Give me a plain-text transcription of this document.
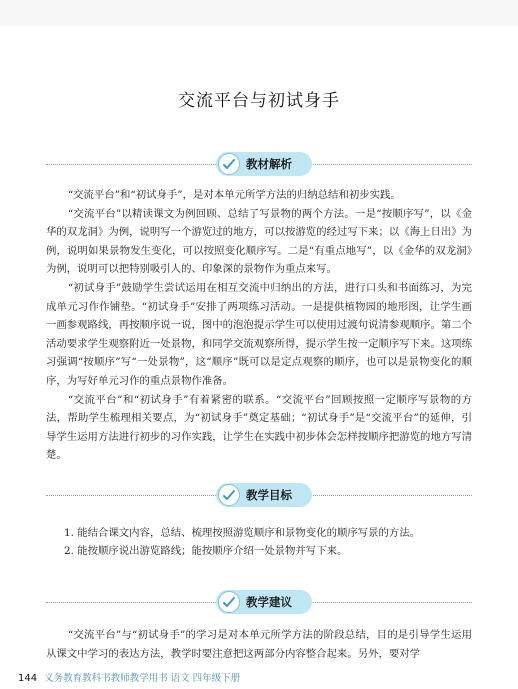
交流平台与初试身手
教材解析

“交流平台”和“初试身手”，是对本单元所学方法的归纳总结和初步实践。

“交流平台”以精读课文为例回顾、总结了写景物的两个方法。一是“按顺序写”，以《金华的双龙洞》为例，说明写一个游览过的地方，可以按游览的经过写下来；以《海上日出》为例，说明如果景物发生变化，可以按照变化顺序写。二是“有重点地写”，以《金华的双龙洞》为例，说明可以把特别吸引人的、印象深的景物作为重点来写。

“初试身手”鼓励学生尝试运用在相互交流中归纳出的方法，进行口头和书面练习，为完成单元习作作铺垫。“初试身手”安排了两项练习活动。一是提供植物园的地形图，让学生画一画参观路线，再按顺序说一说，图中的泡泡提示学生可以使用过渡句说清参观顺序。第二个活动要求学生观察附近一处景物，和同学交流观察所得，提示学生按一定顺序写下来。这项练习强调“按顺序”写“一处景物”，这“顺序”既可以是定点观察的顺序，也可以是景物变化的顺序，为写好单元习作的重点景物作准备。

“交流平台”和“初试身手”有着紧密的联系。“交流平台”回顾按照一定顺序写景物的方法，帮助学生梳理相关要点，为“初试身手”奠定基础；“初试身手”是“交流平台”的延伸，引导学生运用方法进行初步的习作实践，让学生在实践中初步体会怎样按顺序把游览的地方写清楚。

教学目标
1. 能结合课文内容，总结、梳理按照游览顺序和景物变化的顺序写景的方法。
2. 能按顺序说出游览路线；能按顺序介绍一处景物并写下来。
教学建议

“交流平台”与“初试身手”的学习是对本单元所学方法的阶段总结，目的是引导学生运用从课文中学习的表达方法，教学时要注意把这两部分内容整合起来。另外，要对学

144 义务教育教科书教师教学用书 语文 四年级下册
